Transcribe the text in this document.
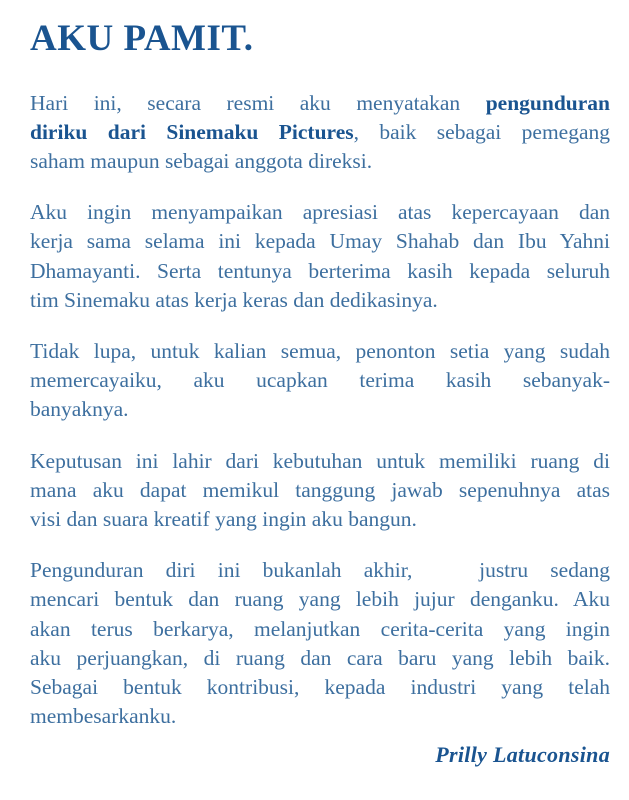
AKU PAMIT.

Hari ini, secara resmi aku menyatakan pengunduran
diriku dari Sinemaku Pictures, baik sebagai pemegang
saham maupun sebagai anggota direksi.

Aku ingin menyampaikan apresiasi atas kepercayaan dan
kerja sama selama ini kepada Umay Shahab dan Ibu Yahni
Dhamayanti. Serta tentunya berterima kasih kepada seluruh
tim Sinemaku atas kerja keras dan dedikasinya.

Tidak lupa, untuk kalian semua, penonton setia yang sudah
memercayaiku, aku ucapkan terima kasih sebanyak-
banyaknya.

Keputusan ini lahir dari kebutuhan untuk memiliki ruang di
mana aku dapat memikul tanggung jawab sepenuhnya atas
visi dan suara kreatif yang ingin aku bangun.

Pengunduran diri ini bukanlah akhir,   justru sedang
mencari bentuk dan ruang yang lebih jujur denganku. Aku
akan terus berkarya, melanjutkan cerita-cerita yang ingin
aku perjuangkan, di ruang dan cara baru yang lebih baik.
Sebagai bentuk kontribusi, kepada industri yang telah
membesarkanku.

Prilly Latuconsina
